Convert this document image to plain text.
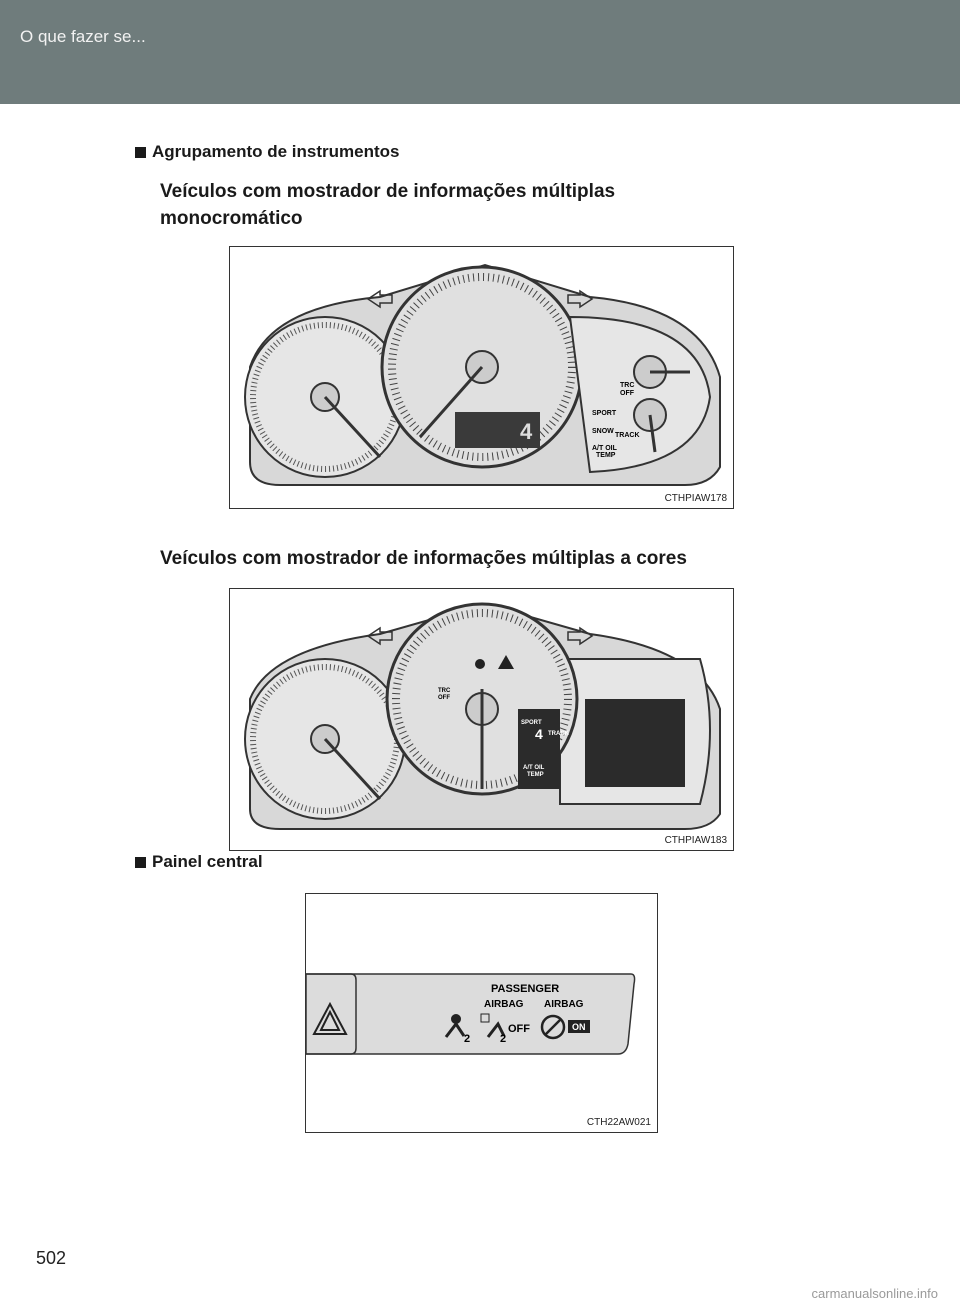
O que fazer se...
Agrupamento de instrumentos
Veículos com mostrador de informações múltiplas
monocromático
4
TRC
OFF
SPORT
SNOW
TRACK
A/T OIL
TEMP
CTHPIAW178
Veículos com mostrador de informações múltiplas a cores
SPORT
4 TRACK
A/T OIL
TEMP
TRC
OFF
CTHPIAW183
Painel central
PASSENGER
AIRBAG AIRBAG
2	2
OFF	ON
CTH22AW021
502
carmanualsonline.info
